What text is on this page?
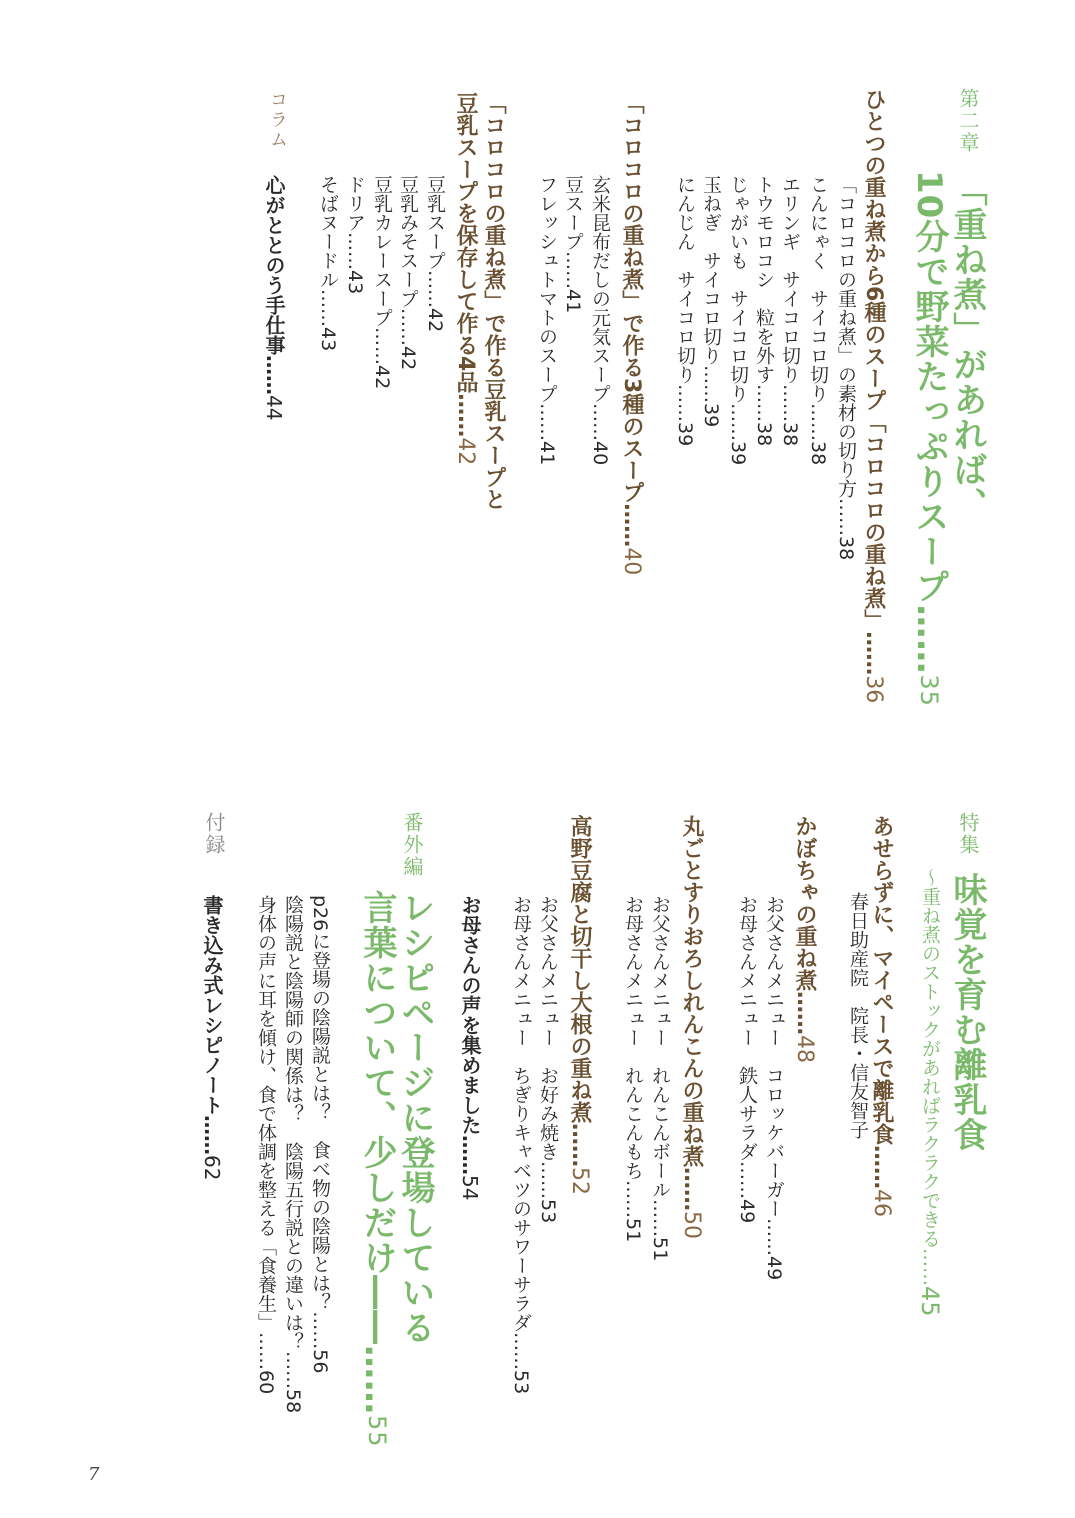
第二章
「重ね煮」があれば、
10分で野菜たっぷりスープ……35
ひとつの重ね煮から6種のスープ「コロコロの重ね煮」……36
「コロコロの重ね煮」の素材の切り方……38
こんにゃく　サイコロ切り……38
エリンギ　サイコロ切り……38
トウモロコシ　粒を外す……38
じゃがいも　サイコロ切り……39
玉ねぎ　サイコロ切り……39
にんじん　サイコロ切り……39
「コロコロの重ね煮」で作る3種のスープ……40
玄米昆布だしの元気スープ……40
豆スープ……41
フレッシュトマトのスープ……41
「コロコロの重ね煮」で作る豆乳スープと
豆乳スープを保存して作る4品……42
豆乳スープ……42
豆乳みそスープ……42
豆乳カレースープ……42
ドリア……43
そばヌードル……43
コラム
心がととのう手仕事……44
特集
味覚を育む離乳食
～重ね煮のストックがあればラクラクできる……45
春日助産院　院長・信友智子 あせらずに、マイペースで離乳食……46
かぼちゃの重ね煮……48
お父さんメニュー　コロッケバーガー……49
お母さんメニュー　鉄人サラダ……49
丸ごとすりおろしれんこんの重ね煮……50
お父さんメニュー　れんこんボール……51
お母さんメニュー　れんこんもち……51
高野豆腐と切干し大根の重ね煮……52
お父さんメニュー　お好み焼き……53
お母さんメニュー　ちぎりキャベツのサワーサラダ……53
お母さんの声を集めました……54
番外編
レシピページに登場している
言葉について、少しだけ――……55
p26に登場の陰陽説とは？　食べ物の陰陽とは？……56
陰陽説と陰陽師の関係は？　陰陽五行説との違いは？……58
身体の声に耳を傾け、食で体調を整える「食養生」……60
付録
書き込み式レシピノート……62
7
